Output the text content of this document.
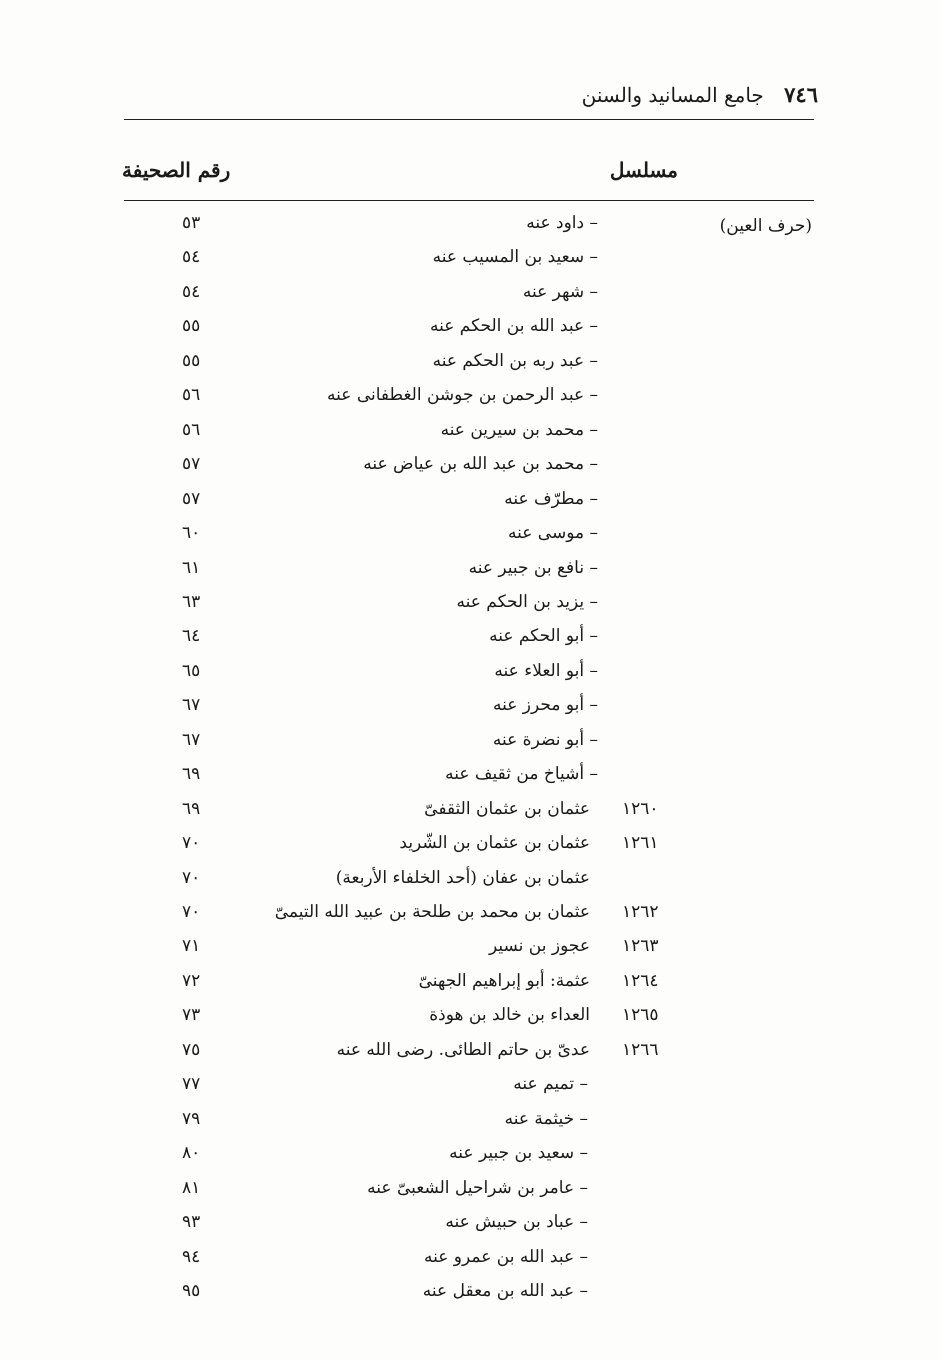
٧٤٦ جامع المسانيد والسنن
مسلسل
رقم الصحيفة
(حرف العين)
– داود عنه
٥٣
– سعيد بن المسيب عنه
٥٤
– شهر عنه
٥٤
– عبد الله بن الحكم عنه
٥٥
– عبد ربه بن الحكم عنه
٥٥
– عبد الرحمن بن جوشن الغطفانى عنه
٥٦
– محمد بن سيرين عنه
٥٦
– محمد بن عبد الله بن عياض عنه
٥٧
– مطرّف عنه
٥٧
– موسى عنه
٦٠
– نافع بن جبير عنه
٦١
– يزيد بن الحكم عنه
٦٣
– أبو الحكم عنه
٦٤
– أبو العلاء عنه
٦٥
– أبو محرز عنه
٦٧
– أبو نضرة عنه
٦٧
– أشياخ من ثقيف عنه
٦٩
١٢٦٠
عثمان بن عثمان الثقفىّ
٦٩
١٢٦١
عثمان بن عثمان بن الشّريد
٧٠
عثمان بن عفان (أحد الخلفاء الأربعة)
٧٠
١٢٦٢
عثمان بن محمد بن طلحة بن عبيد الله التيمىّ
٧٠
١٢٦٣
عجوز بن نسير
٧١
١٢٦٤
عثمة: أبو إبراهيم الجهنىّ
٧٢
١٢٦٥
العداء بن خالد بن هوذة
٧٣
١٢٦٦
عدىّ بن حاتم الطائى. رضى الله عنه
٧٥
– تميم عنه
٧٧
– خيثمة عنه
٧٩
– سعيد بن جبير عنه
٨٠
– عامر بن شراحيل الشعبىّ عنه
٨١
– عباد بن حبيش عنه
٩٣
– عبد الله بن عمرو عنه
٩٤
– عبد الله بن معقل عنه
٩٥
